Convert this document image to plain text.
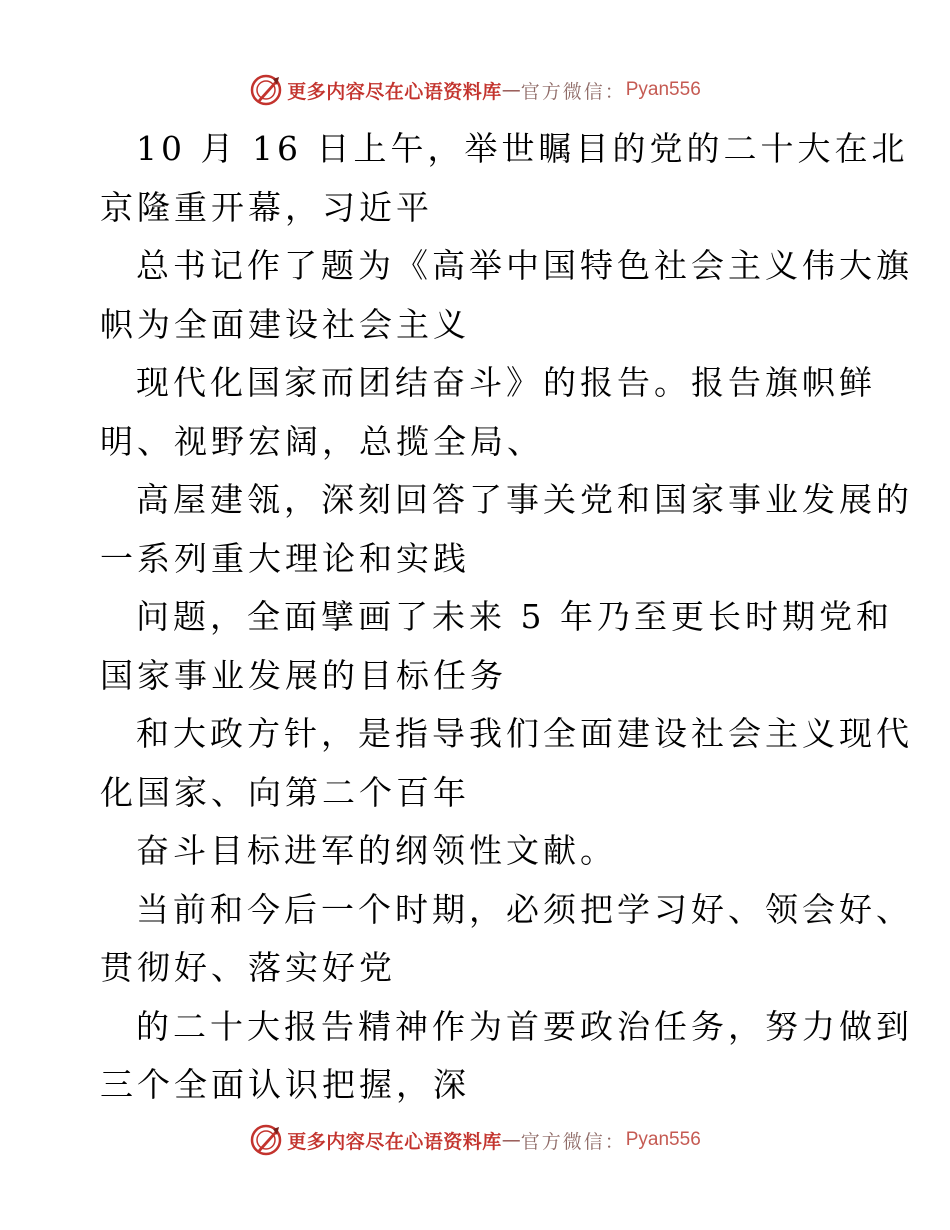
更多内容尽在心语资料库 — 官方微信： Pyan556
10 月 16 日上午，举世瞩目的党的二十大在北
京隆重开幕，习近平
总书记作了题为《高举中国特色社会主义伟大旗
帜为全面建设社会主义
现代化国家而团结奋斗》的报告。报告旗帜鲜
明、视野宏阔，总揽全局、
高屋建瓴，深刻回答了事关党和国家事业发展的
一系列重大理论和实践
问题，全面擘画了未来 5 年乃至更长时期党和
国家事业发展的目标任务
和大政方针，是指导我们全面建设社会主义现代
化国家、向第二个百年
奋斗目标进军的纲领性文献。
当前和今后一个时期，必须把学习好、领会好、
贯彻好、落实好党
的二十大报告精神作为首要政治任务，努力做到
三个全面认识把握，深
更多内容尽在心语资料库 — 官方微信： Pyan556
